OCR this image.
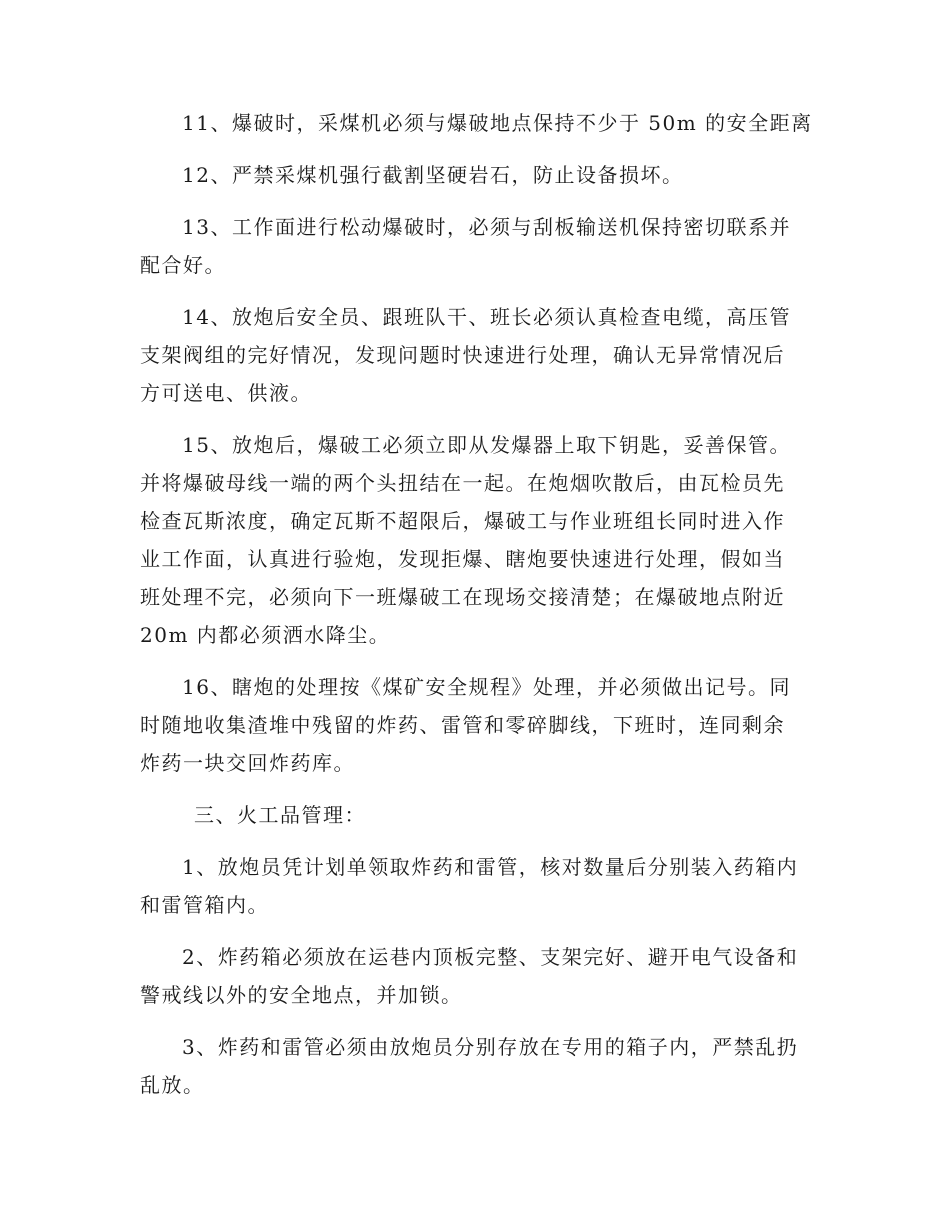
11、爆破时，采煤机必须与爆破地点保持不少于 50m 的安全距离
12、严禁采煤机强行截割坚硬岩石，防止设备损坏。
13、工作面进行松动爆破时，必须与刮板输送机保持密切联系并
配合好。
14、放炮后安全员、跟班队干、班长必须认真检查电缆，高压管
支架阀组的完好情况，发现问题时快速进行处理，确认无异常情况后
方可送电、供液。
15、放炮后，爆破工必须立即从发爆器上取下钥匙，妥善保管。
并将爆破母线一端的两个头扭结在一起。在炮烟吹散后，由瓦检员先
检查瓦斯浓度，确定瓦斯不超限后，爆破工与作业班组长同时进入作
业工作面，认真进行验炮，发现拒爆、瞎炮要快速进行处理，假如当
班处理不完，必须向下一班爆破工在现场交接清楚；在爆破地点附近
20m 内都必须洒水降尘。
16、瞎炮的处理按《煤矿安全规程》处理，并必须做出记号。同
时随地收集渣堆中残留的炸药、雷管和零碎脚线，下班时，连同剩余
炸药一块交回炸药库。
三、火工品管理：
1、放炮员凭计划单领取炸药和雷管，核对数量后分别装入药箱内
和雷管箱内。
2、炸药箱必须放在运巷内顶板完整、支架完好、避开电气设备和
警戒线以外的安全地点，并加锁。
3、炸药和雷管必须由放炮员分别存放在专用的箱子内，严禁乱扔
乱放。
